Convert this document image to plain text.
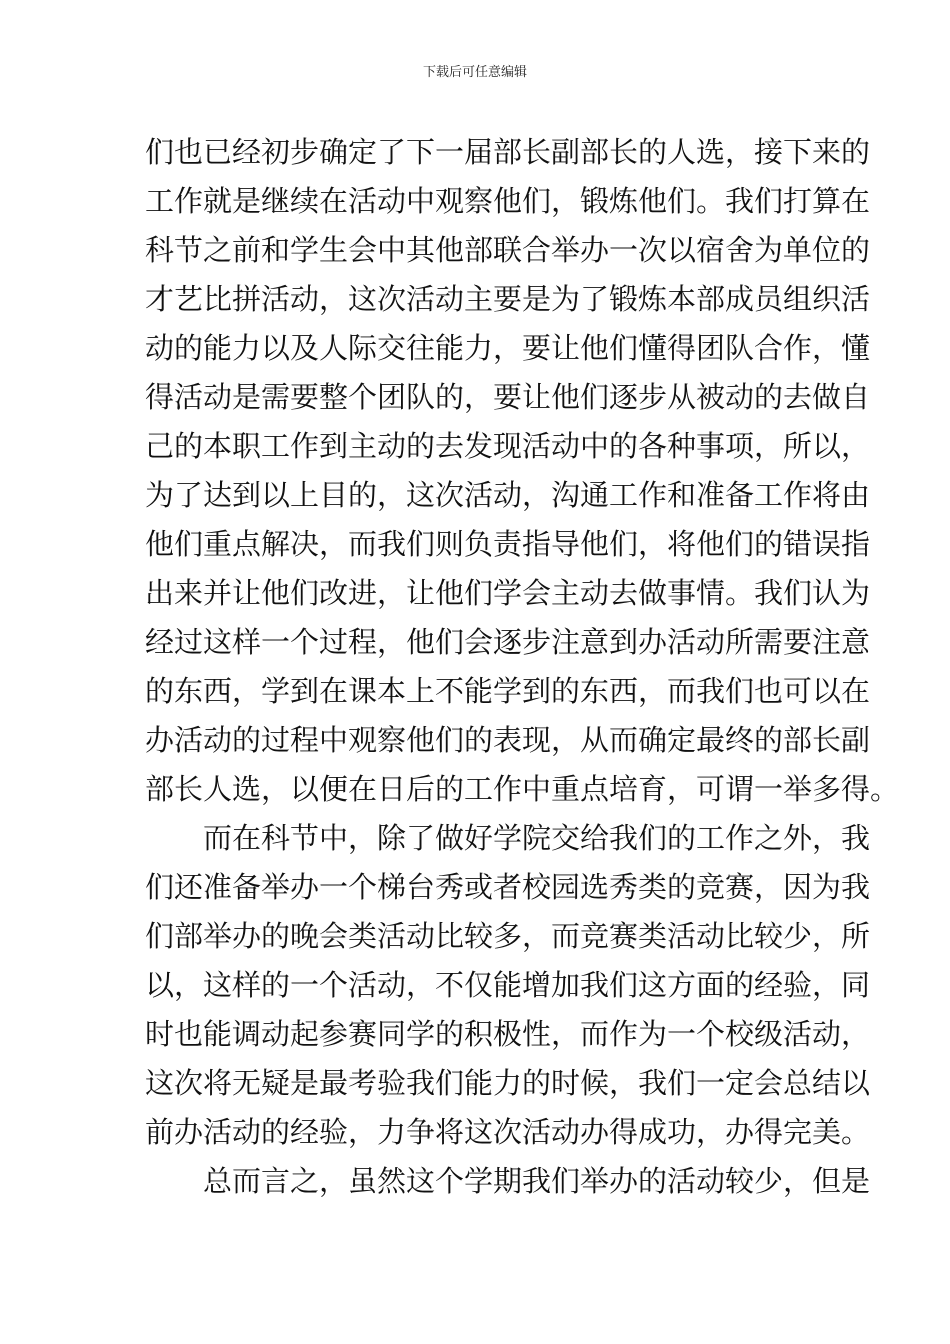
下载后可任意编辑
们也已经初步确定了下一届部长副部长的人选，接下来的
工作就是继续在活动中观察他们，锻炼他们。我们打算在
科节之前和学生会中其他部联合举办一次以宿舍为单位的
才艺比拼活动，这次活动主要是为了锻炼本部成员组织活
动的能力以及人际交往能力，要让他们懂得团队合作，懂
得活动是需要整个团队的，要让他们逐步从被动的去做自
己的本职工作到主动的去发现活动中的各种事项，所以，
为了达到以上目的，这次活动，沟通工作和准备工作将由
他们重点解决，而我们则负责指导他们，将他们的错误指
出来并让他们改进，让他们学会主动去做事情。我们认为
经过这样一个过程，他们会逐步注意到办活动所需要注意
的东西，学到在课本上不能学到的东西，而我们也可以在
办活动的过程中观察他们的表现，从而确定最终的部长副
部长人选，以便在日后的工作中重点培育，可谓一举多得。
而在科节中，除了做好学院交给我们的工作之外，我
们还准备举办一个梯台秀或者校园选秀类的竞赛，因为我
们部举办的晚会类活动比较多，而竞赛类活动比较少，所
以，这样的一个活动，不仅能增加我们这方面的经验，同
时也能调动起参赛同学的积极性，而作为一个校级活动，
这次将无疑是最考验我们能力的时候，我们一定会总结以
前办活动的经验，力争将这次活动办得成功，办得完美。
总而言之，虽然这个学期我们举办的活动较少，但是
